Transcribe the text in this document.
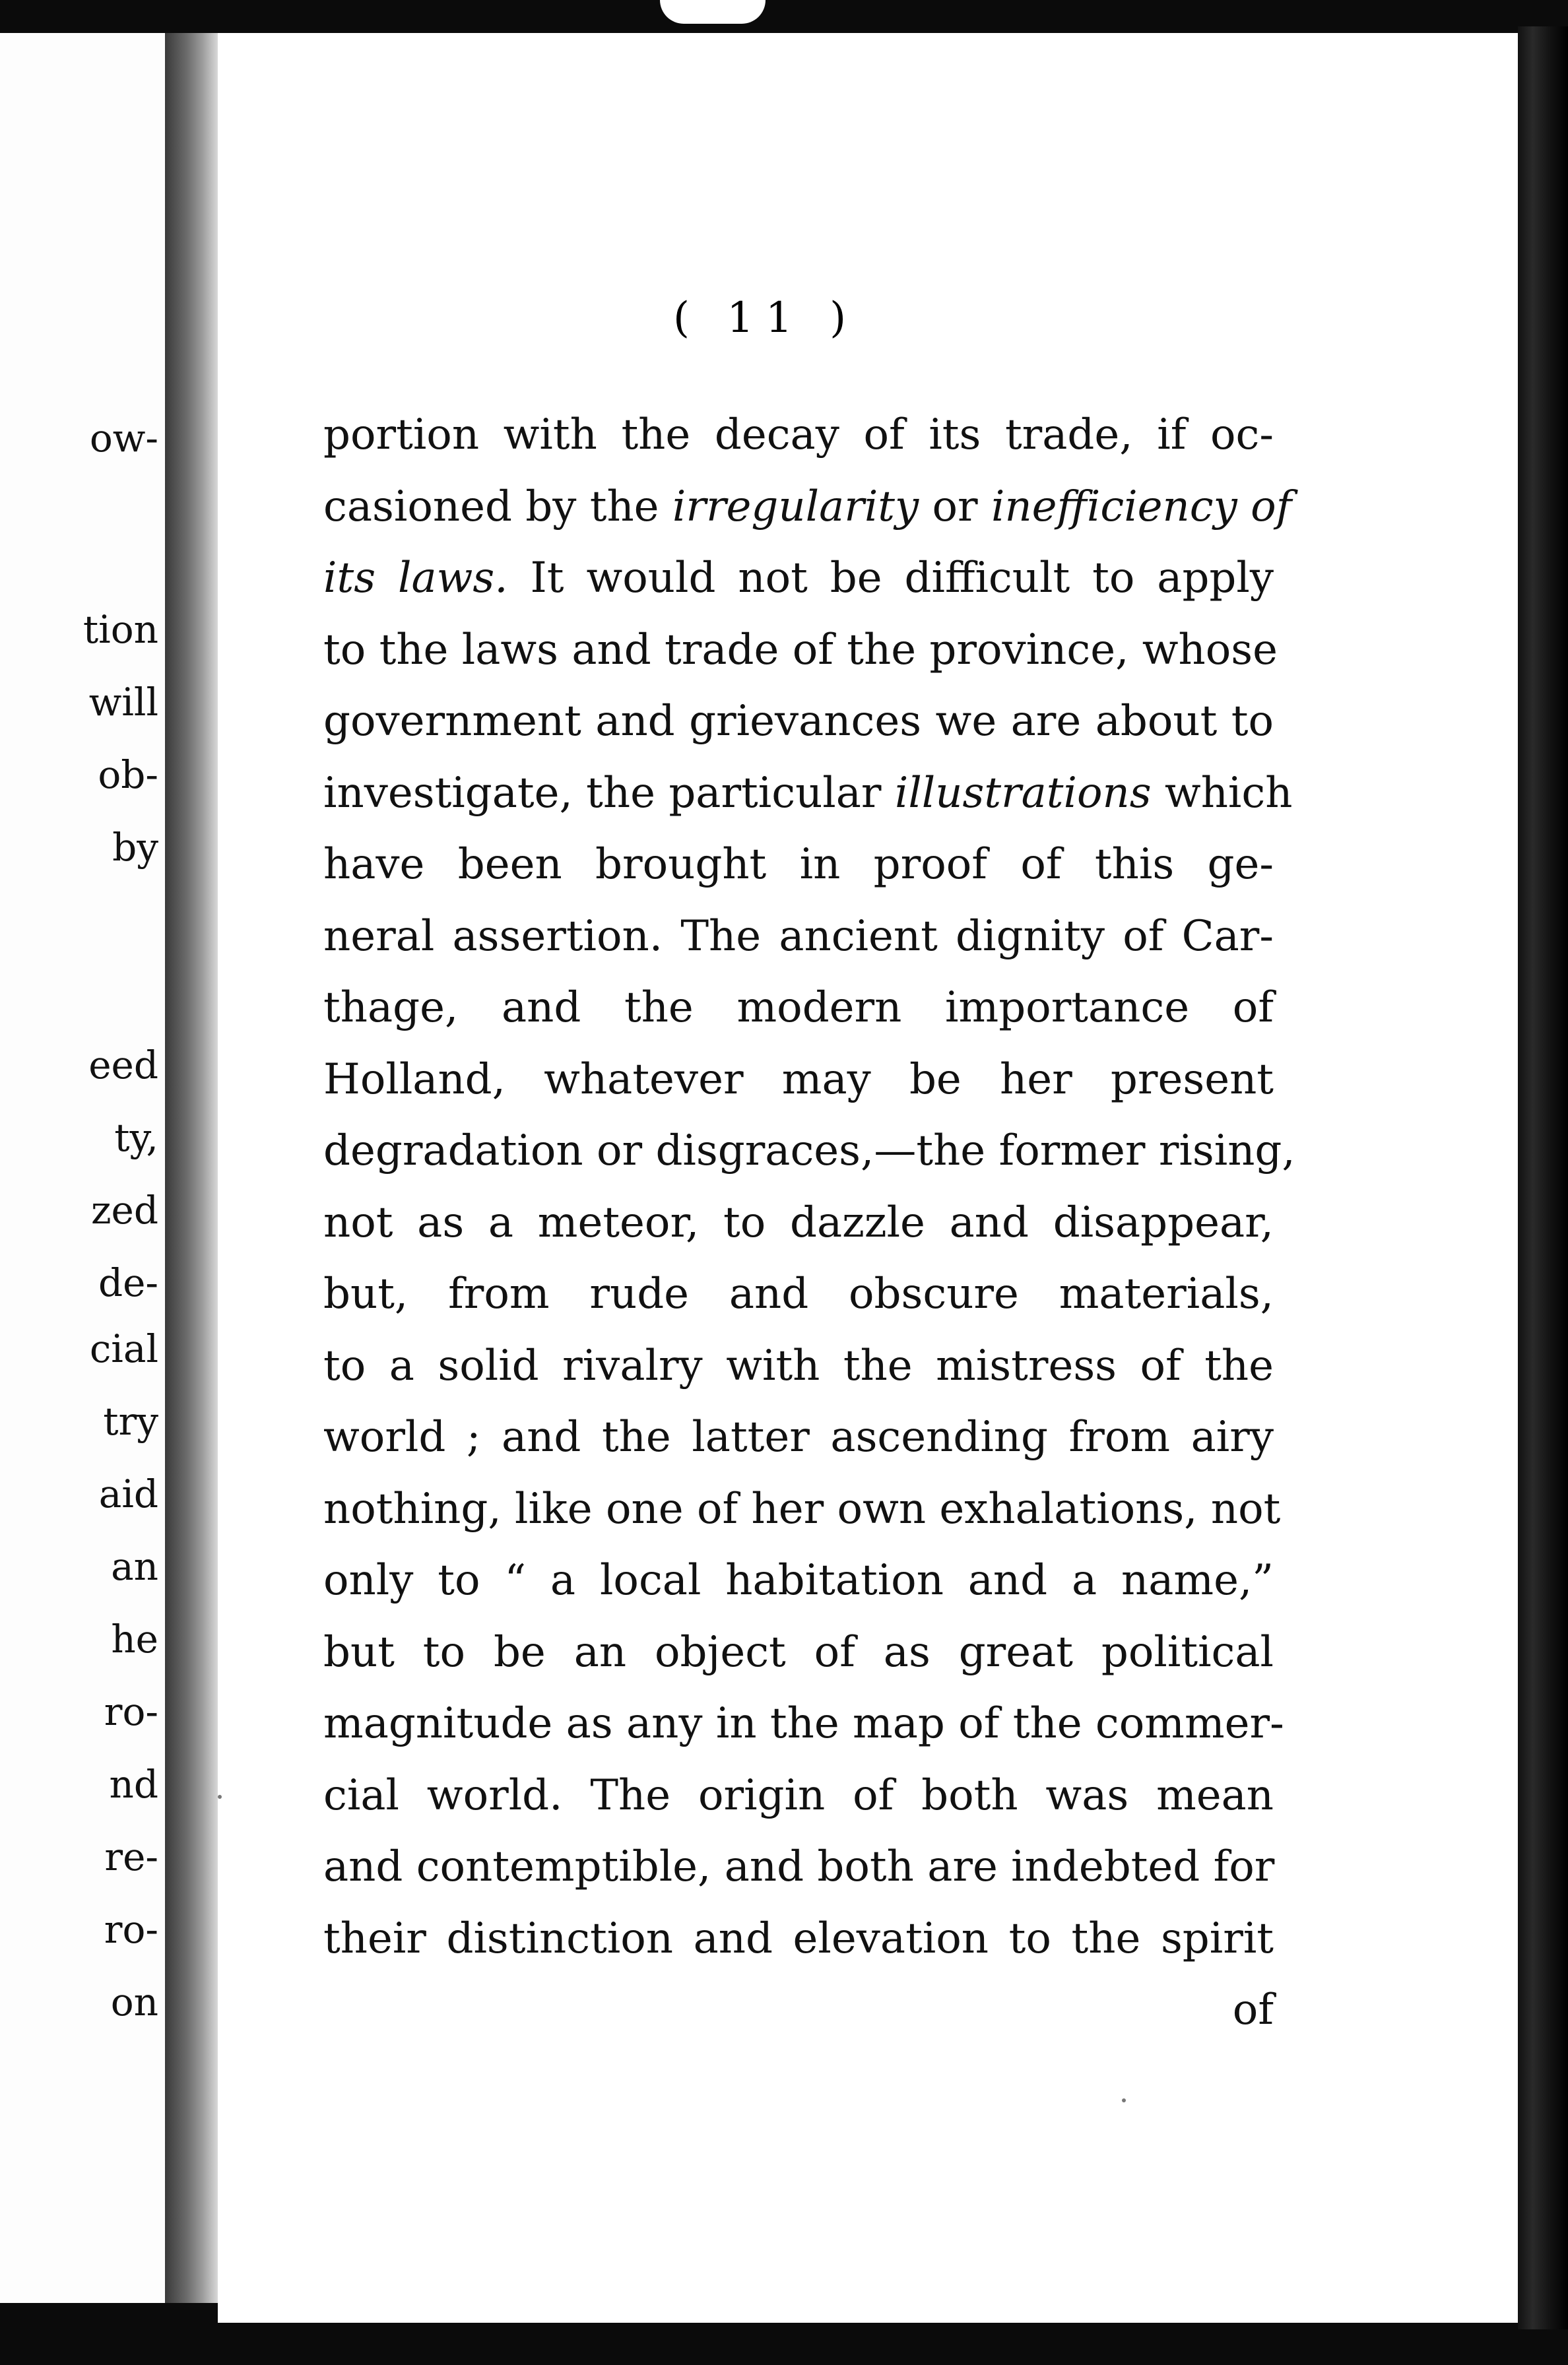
ow-
tion
will
ob-
by
eed
ty,
zed
de-
cial
try
aid
an
he
ro-
nd
re-
ro-
on
( 11 )
portion with the decay of its trade, if oc-
casioned by the irregularity or inefficiency of
its laws. It would not be difficult to apply
to the laws and trade of the province, whose
government and grievances we are about to
investigate, the particular illustrations which
have been brought in proof of this ge-
neral assertion. The ancient dignity of Car-
thage, and the modern importance of
Holland, whatever may be her present
degradation or disgraces,—the former rising,
not as a meteor, to dazzle and disappear,
but, from rude and obscure materials,
to a solid rivalry with the mistress of the
world ; and the latter ascending from airy
nothing, like one of her own exhalations, not
only to “ a local habitation and a name,”
but to be an object of as great political
magnitude as any in the map of the commer-
cial world. The origin of both was mean
and contemptible, and both are indebted for
their distinction and elevation to the spirit
of
